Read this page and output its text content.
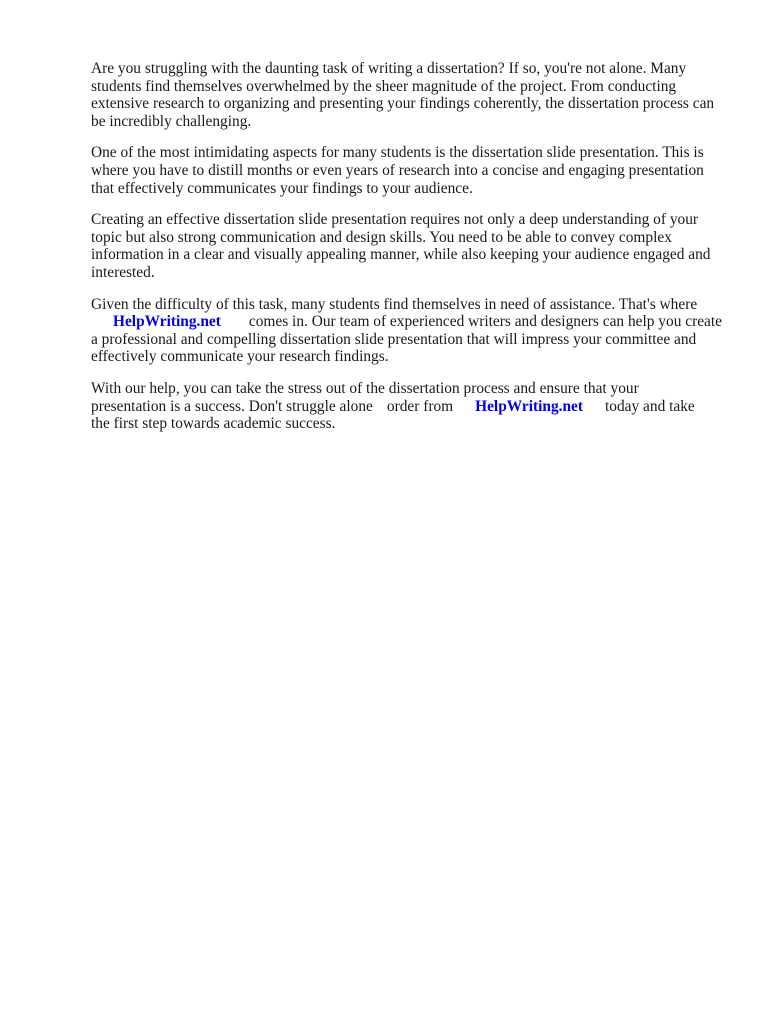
Are you struggling with the daunting task of writing a dissertation? If so, you're not alone. Many
students find themselves overwhelmed by the sheer magnitude of the project. From conducting
extensive research to organizing and presenting your findings coherently, the dissertation process can
be incredibly challenging.

One of the most intimidating aspects for many students is the dissertation slide presentation. This is
where you have to distill months or even years of research into a concise and engaging presentation
that effectively communicates your findings to your audience.

Creating an effective dissertation slide presentation requires not only a deep understanding of your
topic but also strong communication and design skills. You need to be able to convey complex
information in a clear and visually appealing manner, while also keeping your audience engaged and
interested.

Given the difficulty of this task, many students find themselves in need of assistance. That's where
HelpWriting.net comes in. Our team of experienced writers and designers can help you create
a professional and compelling dissertation slide presentation that will impress your committee and
effectively communicate your research findings.

With our help, you can take the stress out of the dissertation process and ensure that your
presentation is a success. Don't struggle alone order from HelpWriting.net today and take
the first step towards academic success.
